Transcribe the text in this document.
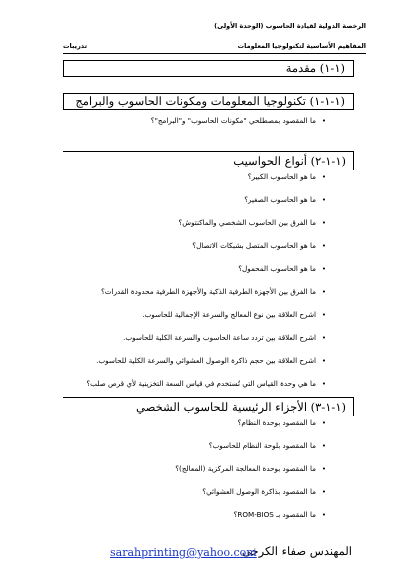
الرخصة الدولية لقيادة الحاسوب (الوحدة الأولى)
المفاهيم الأساسية لتكنولوجيا المعلومات
تدريبات
(١-١) مقدمة
(١-١-١) تكنولوجيا المعلومات ومكونات الحاسوب والبرامج
•
ما المقصود بمصطلحي "مكونات الحاسوب" و"البرامج"؟
(١-١-٢) أنواع الحواسيب
•
ما هو الحاسوب الكبير؟
•
ما هو الحاسوب الصغير؟
•
ما الفرق بين الحاسوب الشخصي والماكنتوش؟
•
ما هو الحاسوب المتصل بشبكات الاتصال؟
•
ما هو الحاسوب المحمول؟
•
ما الفرق بين الأجهزة الطرفية الذكية والأجهزة الطرفية محدودة القدرات؟
•
اشرح العلاقة بين نوع المعالج والسرعة الإجمالية للحاسوب.
•
اشرح العلاقة بين تردد ساعة الحاسوب والسرعة الكلية للحاسوب.
•
اشرح العلاقة بين حجم ذاكرة الوصول العشوائي والسرعة الكلية للحاسوب.
•
ما هي وحدة القياس التي تُستخدم في قياس السعة التخزينية لأي قرص صلب؟
(١-١-٣) الأجزاء الرئيسية للحاسوب الشخصي
•
ما المقصود بوحدة النظام؟
•
ما المقصود بلوحة النظام للحاسوب؟
•
ما المقصود بوحدة المعالجة المركزية (المعالج)؟
•
ما المقصود بذاكرة الوصول العشوائي؟
•
ما المقصود بـ ROM-BIOS؟
المهندس صفاء الكرخي
sarahprinting@yahoo.com
